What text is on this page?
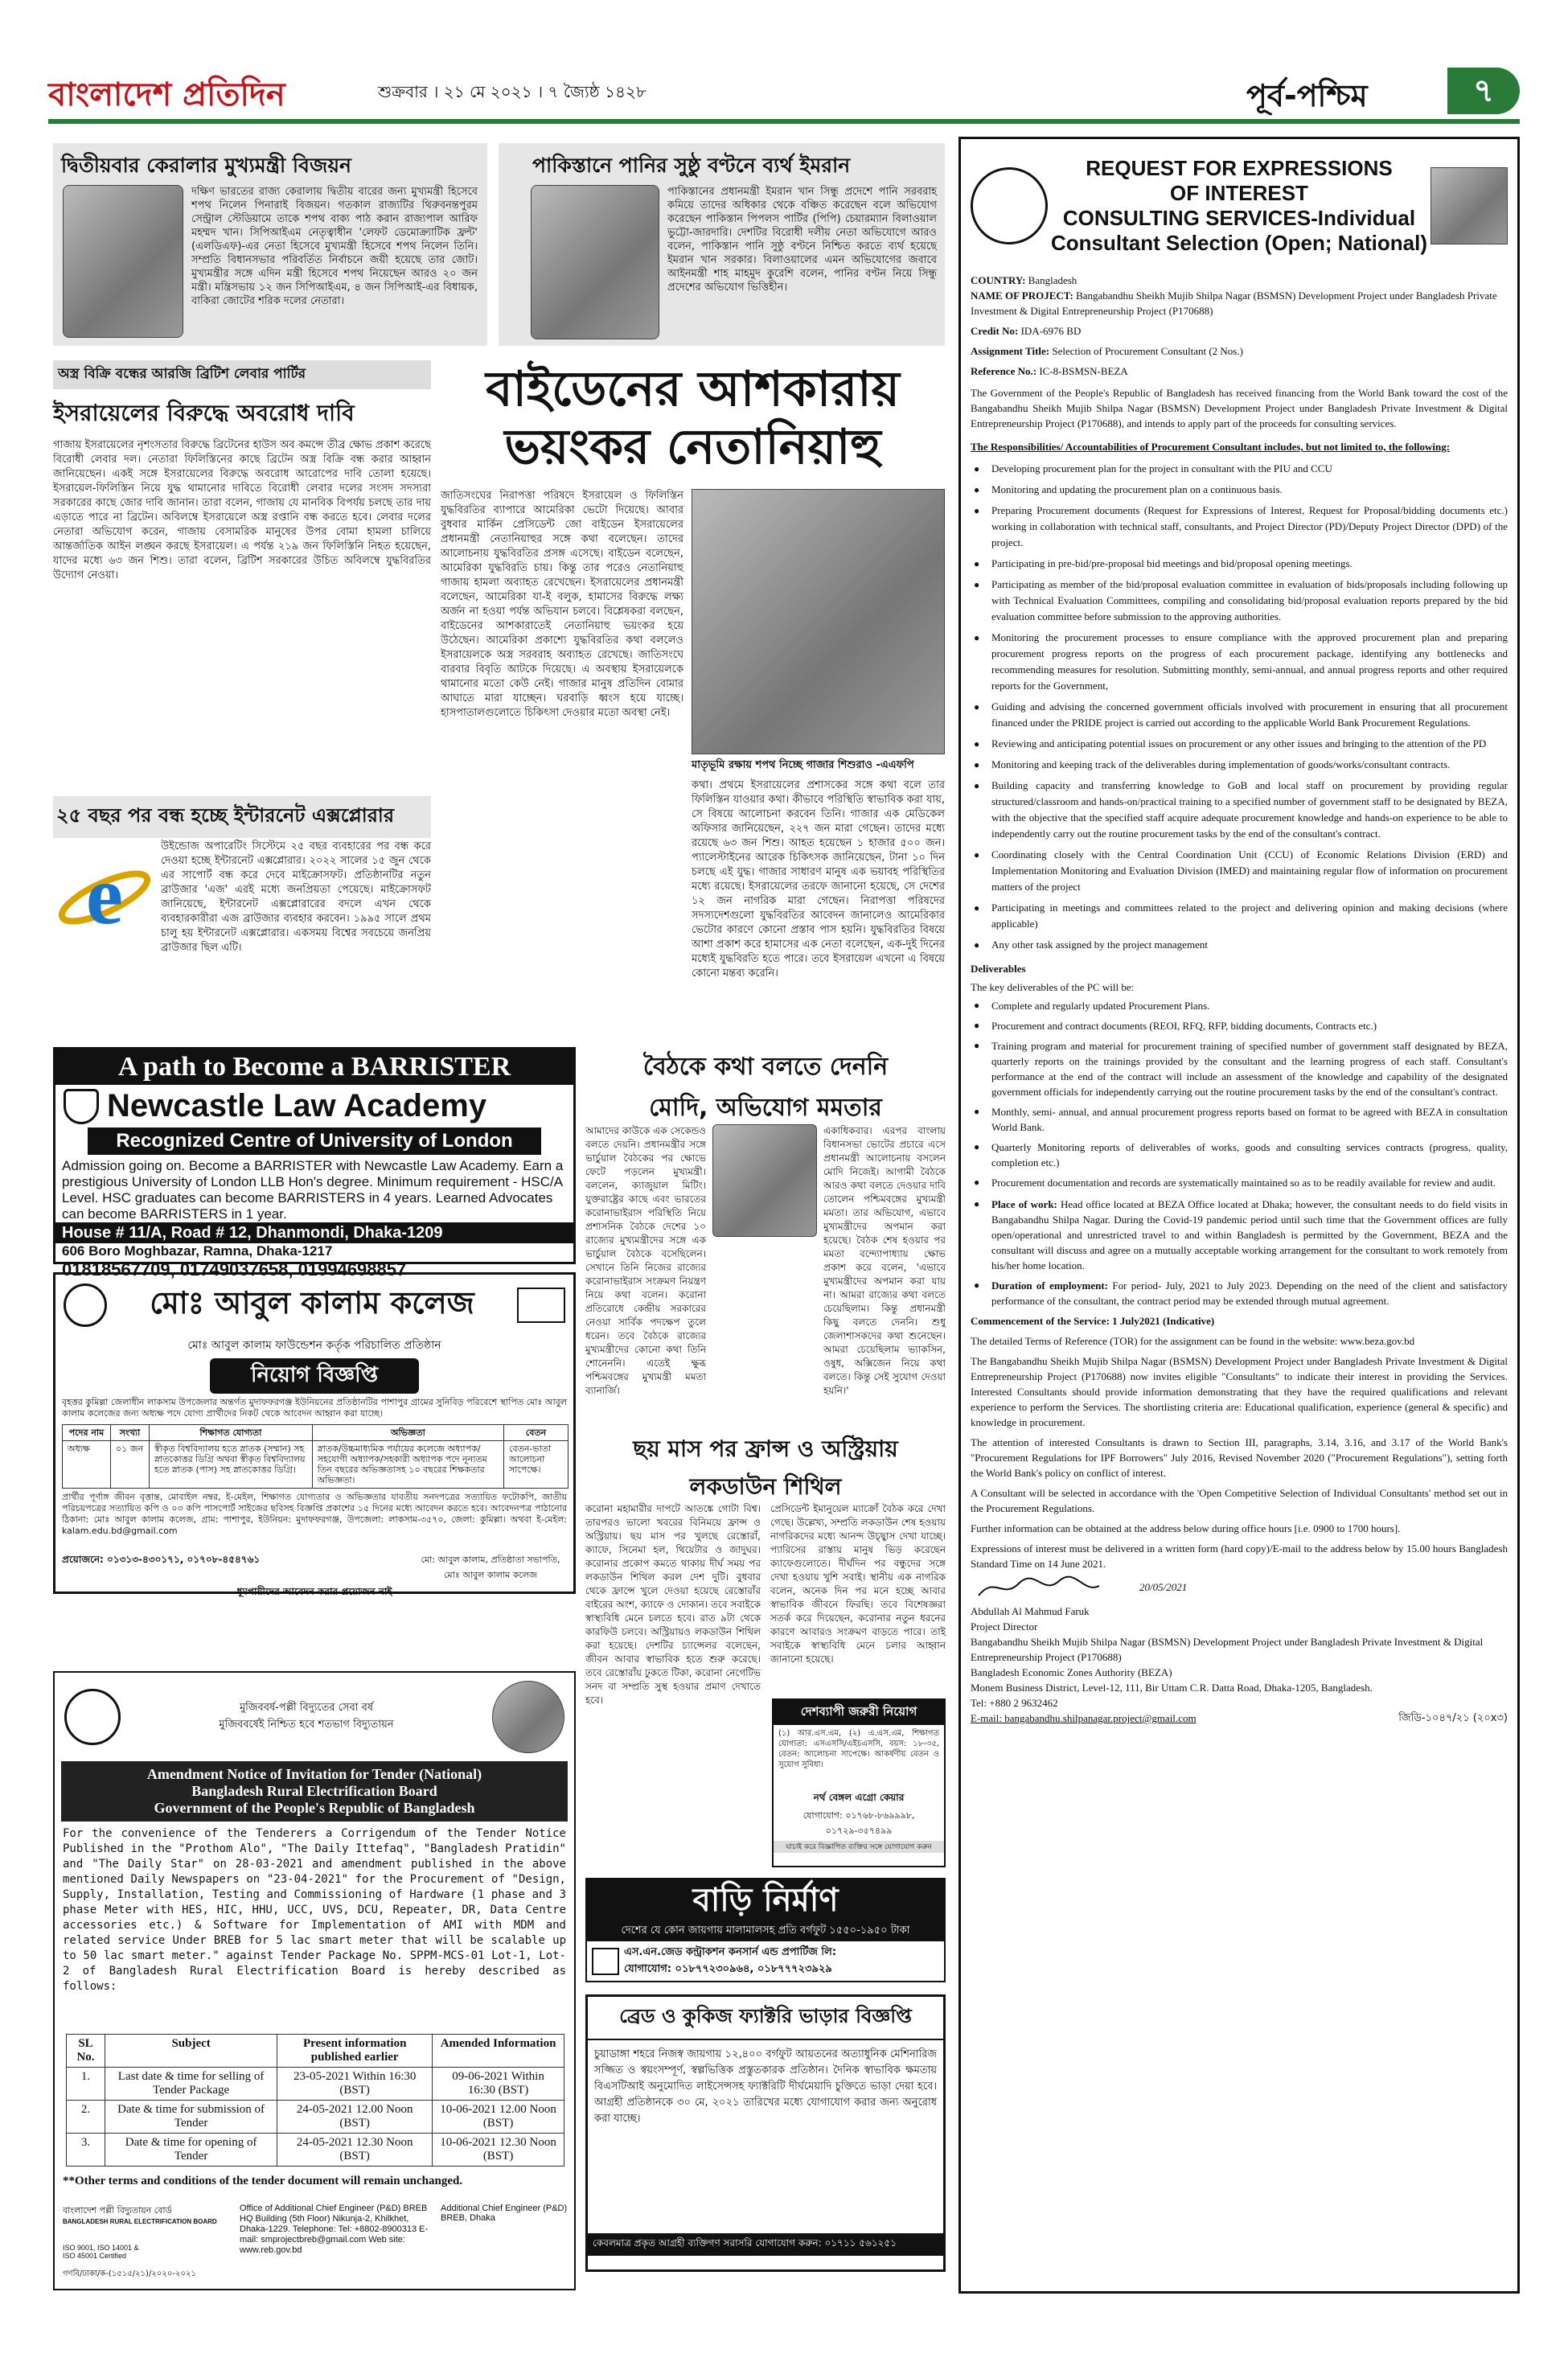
বাংলাদেশ প্রতিদিন	শুক্রবার । ২১ মে ২০২১ । ৭ জ্যৈষ্ঠ ১৪২৮	পূর্ব-পশ্চিম	৭
দ্বিতীয়বার কেরালার মুখ্যমন্ত্রী বিজয়ন
দক্ষিণ ভারতের রাজ্য কেরালায় দ্বিতীয় বারের জন্য মুখ্যমন্ত্রী হিসেবে শপথ নিলেন পিনারাই বিজয়ন। গতকাল রাজ্যটির থিরুবনন্তপুরম সেন্ট্রাল স্টেডিয়ামে তাকে শপথ বাক্য পাঠ করান রাজ্যপাল আরিফ মহম্মদ খান। সিপিআইএম নেতৃত্বাধীন 'লেফট ডেমোক্র্যাটিক ফ্রন্ট' (এলডিএফ)-এর নেতা হিসেবে মুখ্যমন্ত্রী হিসেবে শপথ নিলেন তিনি। সম্প্রতি বিধানসভার পরিবর্তিত নির্বাচনে জয়ী হয়েছে তার জোট। মুখ্যমন্ত্রীর সঙ্গে এদিন মন্ত্রী হিসেবে শপথ নিয়েছেন আরও ২০ জন মন্ত্রী। মন্ত্রিসভায় ১২ জন সিপিআইএম, ৪ জন সিপিআই-এর বিধায়ক, বাকিরা জোটের শরিক দলের নেতারা।
পাকিস্তানে পানির সুষ্ঠু বণ্টনে ব্যর্থ ইমরান
পাকিস্তানের প্রধানমন্ত্রী ইমরান খান সিন্ধু প্রদেশে পানি সরবরাহ কমিয়ে তাদের অধিকার থেকে বঞ্চিত করেছেন বলে অভিযোগ করেছেন পাকিস্তান পিপলস পার্টির (পিপি) চেয়ারম্যান বিলাওয়াল ভুট্টো-জারদারি। দেশটির বিরোধী দলীয় নেতা অভিযোগে আরও বলেন, পাকিস্তান পানি সুষ্ঠু বণ্টনে নিশ্চিত করতে ব্যর্থ হয়েছে ইমরান খান সরকার। বিলাওয়ালের এমন অভিযোগের জবাবে আইনমন্ত্রী শাহ মাহমুদ কুরেশি বলেন, পানির বণ্টন নিয়ে সিন্ধু প্রদেশের অভিযোগ ভিত্তিহীন।
অস্ত্র বিক্রি বন্ধের আরজি ব্রিটিশ লেবার পার্টির
ইসরায়েলের বিরুদ্ধে অবরোধ দাবি
গাজায় ইসরায়েলের নৃশংসতার বিরুদ্ধে ব্রিটেনের হাউস অব কমন্সে তীব্র ক্ষোভ প্রকাশ করেছে বিরোধী লেবার দল। নেতারা ফিলিস্তিনের কাছে ব্রিটেন অস্ত্র বিক্রি বন্ধ করার আহ্বান জানিয়েছেন। একই সঙ্গে ইসরায়েলের বিরুদ্ধে অবরোধ আরোপের দাবি তোলা হয়েছে। ইসরায়েল-ফিলিস্তিন নিয়ে যুদ্ধ থামানোর দাবিতে বিরোধী লেবার দলের সংসদ সদস্যরা সরকারের কাছে জোর দাবি জানান। তারা বলেন, গাজায় যে মানবিক বিপর্যয় চলছে তার দায় এড়াতে পারে না ব্রিটেন। অবিলম্বে ইসরায়েলে অস্ত্র রপ্তানি বন্ধ করতে হবে। লেবার দলের নেতারা অভিযোগ করেন, গাজায় বেসামরিক মানুষের উপর বোমা হামলা চালিয়ে আন্তর্জাতিক আইন লঙ্ঘন করছে ইসরায়েল। এ পর্যন্ত ২১৯ জন ফিলিস্তিনি নিহত হয়েছেন, যাদের মধ্যে ৬৩ জন শিশু। তারা বলেন, ব্রিটিশ সরকারের উচিত অবিলম্বে যুদ্ধবিরতির উদ্যোগ নেওয়া।
২৫ বছর পর বন্ধ হচ্ছে ইন্টারনেট এক্সপ্লোরার
e
উইন্ডোজ অপারেটিং সিস্টেমে ২৫ বছর ব্যবহারের পর বন্ধ করে দেওয়া হচ্ছে ইন্টারনেট এক্সপ্লোরার। ২০২২ সালের ১৫ জুন থেকে এর সাপোর্ট বন্ধ করে দেবে মাইক্রোসফট। প্রতিষ্ঠানটির নতুন ব্রাউজার 'এজ' এরই মধ্যে জনপ্রিয়তা পেয়েছে। মাইক্রোসফট জানিয়েছে, ইন্টারনেট এক্সপ্লোরারের বদলে এখন থেকে ব্যবহারকারীরা এজ ব্রাউজার ব্যবহার করবেন। ১৯৯৫ সালে প্রথম চালু হয় ইন্টারনেট এক্সপ্লোরার। একসময় বিশ্বের সবচেয়ে জনপ্রিয় ব্রাউজার ছিল এটি।
বাইডেনের আশকারায়
ভয়ংকর নেতানিয়াহু
জাতিসংঘের নিরাপত্তা পরিষদে ইসরায়েল ও ফিলিস্তিন যুদ্ধবিরতির ব্যাপারে আমেরিকা ভেটো দিয়েছে। আবার বুধবার মার্কিন প্রেসিডেন্ট জো বাইডেন ইসরায়েলের প্রধানমন্ত্রী নেতানিয়াহুর সঙ্গে কথা বলেছেন। তাদের আলোচনায় যুদ্ধবিরতির প্রসঙ্গ এসেছে। বাইডেন বলেছেন, আমেরিকা যুদ্ধবিরতি চায়। কিন্তু তার পরেও নেতানিয়াহু গাজায় হামলা অব্যাহত রেখেছেন। ইসরায়েলের প্রধানমন্ত্রী বলেছেন, আমেরিকা যা-ই বলুক, হামাসের বিরুদ্ধে লক্ষ্য অর্জন না হওয়া পর্যন্ত অভিযান চলবে। বিশ্লেষকরা বলছেন, বাইডেনের আশকারাতেই নেতানিয়াহু ভয়ংকর হয়ে উঠেছেন। আমেরিকা প্রকাশ্যে যুদ্ধবিরতির কথা বললেও ইসরায়েলকে অস্ত্র সরবরাহ অব্যাহত রেখেছে। জাতিসংঘে বারবার বিবৃতি আটকে দিয়েছে। এ অবস্থায় ইসরায়েলকে থামানোর মতো কেউ নেই। গাজার মানুষ প্রতিদিন বোমার আঘাতে মারা যাচ্ছেন। ঘরবাড়ি ধ্বংস হয়ে যাচ্ছে। হাসপাতালগুলোতে চিকিৎসা দেওয়ার মতো অবস্থা নেই।
মাতৃভূমি রক্ষায় শপথ নিচ্ছে গাজার শিশুরাও -এএফপি
কথা। প্রথমে ইসরায়েলের প্রশাসকের সঙ্গে কথা বলে তার ফিলিস্তিন যাওয়ার কথা। কীভাবে পরিস্থিতি স্বাভাবিক করা যায়, সে বিষয়ে আলোচনা করবেন তিনি। গাজার এক মেডিকেল অফিসার জানিয়েছেন, ২২৭ জন মারা গেছেন। তাদের মধ্যে রয়েছে ৬৩ জন শিশু। আহত হয়েছেন ১ হাজার ৫০০ জন। প্যালেস্টাইনের আরেক চিকিৎসক জানিয়েছেন, টানা ১০ দিন চলছে এই যুদ্ধ। গাজার সাধারণ মানুষ এক ভয়াবহ পরিস্থিতির মধ্যে রয়েছে। ইসরায়েলের তরফে জানানো হয়েছে, সে দেশের ১২ জন নাগরিক মারা গেছেন। নিরাপত্তা পরিষদের সদস্যদেশগুলো যুদ্ধবিরতির আবেদন জানালেও আমেরিকার ভেটোর কারণে কোনো প্রস্তাব পাস হয়নি। যুদ্ধবিরতির বিষয়ে আশা প্রকাশ করে হামাসের এক নেতা বলেছেন, এক-দুই দিনের মধ্যেই যুদ্ধবিরতি হতে পারে। তবে ইসরায়েল এখনো এ বিষয়ে কোনো মন্তব্য করেনি।
A path to Become a BARRISTER
Newcastle Law Academy
Recognized Centre of University of London
Admission going on. Become a BARRISTER with Newcastle Law Academy. Earn a prestigious University of London LLB Hon's degree. Minimum requirement - HSC/A Level. HSC graduates can become BARRISTERS in 4 years. Learned Advocates can become BARRISTERS in 1 year.
House # 11/A, Road # 12, Dhanmondi, Dhaka-1209
606 Boro Moghbazar, Ramna, Dhaka-1217
01818567709, 01749037658, 01994698857
মোঃ আবুল কালাম কলেজ
মোঃ আবুল কালাম ফাউন্ডেশন কর্তৃক পরিচালিত প্রতিষ্ঠান
নিয়োগ বিজ্ঞপ্তি
বৃহত্তর কুমিল্লা জেলাধীন লাকসাম উপজেলার অন্তর্গত মুদাফফরগঞ্জ ইউনিয়নের প্রতিষ্ঠানটির পাশাপুর গ্রামের সুনিবিড় পরিবেশে স্থাপিত মোঃ আবুল কালাম কলেজের জন্য অধ্যক্ষ পদে যোগ্য প্রার্থীদের নিকট থেকে আবেদন আহ্বান করা যাচ্ছে।
পদের নাম	সংখ্যা	শিক্ষাগত যোগ্যতা	অভিজ্ঞতা	বেতন
অধ্যক্ষ	০১ জন	স্বীকৃত বিশ্ববিদ্যালয় হতে স্নাতক (সম্মান) সহ স্নাতকোত্তর ডিগ্রি অথবা স্বীকৃত বিশ্ববিদ্যালয় হতে স্নাতক (পাস) সহ স্নাতকোত্তর ডিগ্রি।	স্নাতক/উচ্চমাধ্যমিক পর্যায়ের কলেজে অধ্যাপক/সহযোগী অধ্যাপক/সহকারী অধ্যাপক পদে নূন্যতম তিন বছরের অভিজ্ঞতাসহ ১০ বছরের শিক্ষকতার অভিজ্ঞতা।	বেতন-ভাতা আলোচনা সাপেক্ষে।
প্রার্থীর পূর্ণাঙ্গ জীবন বৃত্তান্ত, মোবাইল নম্বর, ই-মেইল, শিক্ষাগত যোগ্যতার ও অভিজ্ঞতার যাবতীয় সনদপত্রের সত্যায়িত ফটোকপি, জাতীয় পরিচয়পত্রের সত্যায়িত কপি ও ০৩ কপি পাসপোর্ট সাইজের ছবিসহ বিজ্ঞপ্তি প্রকাশের ১৫ দিনের মধ্যে আবেদন করতে হবে। আবেদনপত্র পাঠানোর ঠিকানা: মোঃ আবুল কালাম কলেজ, গ্রাম: পাশাপুর, ইউনিয়ন: মুদাফফরগঞ্জ, উপজেলা: লাকসাম-৩৫৭০, জেলা: কুমিল্লা। অথবা ই-মেইল: kalam.edu.bd@gmail.com
প্রয়োজনে: ০১৩১৩-৪৩০১৭১, ০১৭০৮-৪৫৪৭৬১	মো: আবুল কালাম, প্রতিষ্ঠাতা সভাপতি, মোঃ আবুল কালাম কলেজ
ধূমপায়ীদের আবেদন করার প্রয়োজন নাই
মুজিববর্ষ-পল্লী বিদ্যুতের সেবা বর্ষ
মুজিববর্ষেই নিশ্চিত হবে শতভাগ বিদ্যুতায়ন
Amendment Notice of Invitation for Tender (National)
Bangladesh Rural Electrification Board
Government of the People's Republic of Bangladesh
For the convenience of the Tenderers a Corrigendum of the Tender Notice Published in the "Prothom Alo", "The Daily Ittefaq", "Bangladesh Pratidin" and "The Daily Star" on 28-03-2021 and amendment published in the above mentioned Daily Newspapers on "23-04-2021" for the Procurement of "Design, Supply, Installation, Testing and Commissioning of Hardware (1 phase and 3 phase Meter with HES, HIC, HHU, UCC, UVS, DCU, Repeater, DR, Data Centre accessories etc.) & Software for Implementation of AMI with MDM and related service Under BREB for 5 lac smart meter that will be scalable up to 50 lac smart meter." against Tender Package No. SPPM-MCS-01 Lot-1, Lot-2 of Bangladesh Rural Electrification Board is hereby described as follows:
SL No.	Subject	Present information published earlier	Amended Information
1.	Last date & time for selling of Tender Package	23-05-2021 Within 16:30 (BST)	09-06-2021 Within 16:30 (BST)
2.	Date & time for submission of Tender	24-05-2021 12.00 Noon (BST)	10-06-2021 12.00 Noon (BST)
3.	Date & time for opening of Tender	24-05-2021 12.30 Noon (BST)	10-06-2021 12.30 Noon (BST)
**Other terms and conditions of the tender document will remain unchanged.
বাংলাদেশ পল্লী বিদ্যুতায়ন বোর্ড
BANGLADESH RURAL ELECTRIFICATION BOARD
ISO 9001, ISO 14001 & ISO 45001 Certified
Office of Additional Chief Engineer (P&D) BREB HQ Building (5th Floor) Nikunja-2, Khilkhet, Dhaka-1229. Telephone: Tel: +8802-8900313 E-mail: smprojectbreb@gmail.com Web site: www.reb.gov.bd
Additional Chief Engineer (P&D) BREB, Dhaka
গণবি/ঢাকা/ক-(১৫১৫/২১)/২০২০-২০২১
বৈঠকে কথা বলতে দেননি
মোদি, অভিযোগ মমতার
আমাদের কাউকে এক সেকেন্ডও বলতে দেয়নি। প্রধানমন্ত্রীর সঙ্গে ভার্চুয়াল বৈঠকের পর ক্ষোভে ফেটে পড়লেন মুখ্যমন্ত্রী। বললেন, ক্যাজুয়াল মিটিং। যুক্তরাষ্ট্রের কাছে এবং ভারতের করোনাভাইরাস পরিস্থিতি নিয়ে প্রশাসনিক বৈঠকে দেশের ১০ রাজ্যের মুখ্যমন্ত্রীদের সঙ্গে এক ভার্চুয়াল বৈঠকে বসেছিলেন। সেখানে তিনি নিজের রাজ্যের করোনাভাইরাস সংক্রমণ নিয়ন্ত্রণ নিয়ে কথা বলেন। করোনা প্রতিরোধে কেন্দ্রীয় সরকারের নেওয়া সার্বিক পদক্ষেপ তুলে ধরেন। তবে বৈঠকে রাজ্যের মুখ্যমন্ত্রীদের কোনো কথা তিনি শোনেননি। এতেই ক্ষুব্ধ পশ্চিমবঙ্গের মুখ্যমন্ত্রী মমতা ব্যানার্জি।
একাধিকবার। এরপর বাংলায় বিধানসভা ভোটের প্রচারে এসে প্রধানমন্ত্রী আলোচনায় বসলেন মোদি নিজেই। আগামী বৈঠকে আরও কথা বলতে দেওয়ার দাবি তোলেন পশ্চিমবঙ্গের মুখ্যমন্ত্রী মমতা। তার অভিযোগ, এভাবে মুখ্যমন্ত্রীদের অপমান করা হয়েছে। বৈঠক শেষ হওয়ার পর মমতা বন্দ্যোপাধ্যায় ক্ষোভ প্রকাশ করে বলেন, 'এভাবে মুখ্যমন্ত্রীদের অপমান করা যায় না। আমরা রাজ্যের কথা বলতে চেয়েছিলাম। কিন্তু প্রধানমন্ত্রী কিছু বলতে দেননি। শুধু জেলাশাসকদের কথা শুনেছেন। আমরা চেয়েছিলাম ভ্যাকসিন, ওষুধ, অক্সিজেন নিয়ে কথা বলতে। কিন্তু সেই সুযোগ দেওয়া হয়নি।'
ছয় মাস পর ফ্রান্স ও অস্ট্রিয়ায়
লকডাউন শিথিল
করোনা মহামারীর দাপটে আতঙ্কে গোটা বিশ্ব। তারপরও ভালো খবরের বিনিময়ে ফ্রান্স ও অস্ট্রিয়ায়। ছয় মাস পর খুলছে রেস্তোরাঁ, ক্যাফে, সিনেমা হল, থিয়েটার ও জাদুঘর। করোনার প্রকোপ কমতে থাকায় দীর্ঘ সময় পর লকডাউন শিথিল করল দেশ দুটি। বুধবার থেকে ফ্রান্সে খুলে দেওয়া হয়েছে রেস্তোরাঁর বাইরের অংশ, ক্যাফে ও দোকান। তবে সবাইকে স্বাস্থ্যবিধি মেনে চলতে হবে। রাত ৯টা থেকে কারফিউ চলবে। অস্ট্রিয়ায়ও লকডাউন শিথিল করা হয়েছে। দেশটির চ্যান্সেলর বলেছেন, জীবন আবার স্বাভাবিক হতে শুরু করেছে। তবে রেস্তোরাঁয় ঢুকতে টিকা, করোনা নেগেটিভ সনদ বা সম্প্রতি সুস্থ হওয়ার প্রমাণ দেখাতে হবে।
প্রেসিডেন্ট ইমানুয়েল ম্যাক্রোঁ বৈঠক করে দেখা গেছে। উল্লেখ্য, সম্প্রতি লকডাউন শেষ হওয়ায় নাগরিকদের মধ্যে আনন্দ উচ্ছ্বাস দেখা যাচ্ছে। প্যারিসের রাস্তায় মানুষ ভিড় করেছেন ক্যাফেগুলোতে। দীর্ঘদিন পর বন্ধুদের সঙ্গে দেখা হওয়ায় খুশি সবাই। স্থানীয় এক নাগরিক বলেন, অনেক দিন পর মনে হচ্ছে আবার স্বাভাবিক জীবনে ফিরছি। তবে বিশেষজ্ঞরা সতর্ক করে দিয়েছেন, করোনার নতুন ধরনের কারণে আবারও সংক্রমণ বাড়তে পারে। তাই সবাইকে স্বাস্থ্যবিধি মেনে চলার আহ্বান জানানো হয়েছে।
দেশব্যাপী জরুরী নিয়োগ
(১) আর.এস.এম, (২) এ.এস.এম, শিক্ষাগত যোগ্যতা: এসএসসি/এইচএসসি, বয়স: ১৮-৩৫, বেতন: আলোচনা সাপেক্ষে। আকর্ষণীয় বেতন ও সুযোগ সুবিধা।
নর্থ বেঙ্গল এগ্রো কেয়ার
যোগাযোগ: ০১৭৬৮-৮৬৯৯৯৮, ০১৭২৯-৩৫৭৪৯৯
যাচাই করে বিজ্ঞাপিত ব্যক্তির সঙ্গে যোগাযোগ করুন
বাড়ি নির্মাণ
দেশের যে কোন জায়গায় মালামালসহ প্রতি বর্গফুট ১৫৫০-১৯৫০ টাকা
এস.এন.জেড কন্ট্রাকশন কনসার্ন এন্ড প্রপার্টিজ লি:
যোগাযোগ: ০১৮৭৭২৩০৯৬৪, ০১৮৭৭৭২৩৯২৯
ব্রেড ও কুকিজ ফ্যাক্টরি ভাড়ার বিজ্ঞপ্তি
চুয়াডাঙ্গা শহরে নিজস্ব জায়গায় ১২,৪০০ বর্গফুট আয়তনের অত্যাধুনিক মেশিনারিজ সজ্জিত ও স্বয়ংসম্পূর্ণ, স্বল্পভিত্তিক প্রস্তুতকারক প্রতিষ্ঠান। দৈনিক স্বাভাবিক ক্ষমতায় বিএসটিআই অনুমোদিত লাইসেন্সসহ ফ্যাক্টরিটি দীর্ঘমেয়াদি চুক্তিতে ভাড়া দেয়া হবে। আগ্রহী প্রতিষ্ঠানকে ৩০ মে, ২০২১ তারিখের মধ্যে যোগাযোগ করার জন্য অনুরোধ করা যাচ্ছে।
কেবলমাত্র প্রকৃত আগ্রহী ব্যক্তিগণ সরাসরি যোগাযোগ করুন: ০১৭১১ ৫৬১২৫১
REQUEST FOR EXPRESSIONS
OF INTEREST
CONSULTING SERVICES-Individual
Consultant Selection (Open; National)
COUNTRY: Bangladesh
NAME OF PROJECT: Bangabandhu Sheikh Mujib Shilpa Nagar (BSMSN) Development Project under Bangladesh Private Investment & Digital Entrepreneurship Project (P170688)
Credit No: IDA-6976 BD
Assignment Title: Selection of Procurement Consultant (2 Nos.)
Reference No.: IC-8-BSMSN-BEZA

The Government of the People's Republic of Bangladesh has received financing from the World Bank toward the cost of the Bangabandhu Sheikh Mujib Shilpa Nagar (BSMSN) Development Project under Bangladesh Private Investment & Digital Entrepreneurship Project (P170688), and intends to apply part of the proceeds for consulting services.

The Responsibilities/ Accountabilities of Procurement Consultant includes, but not limited to, the following:

● Developing procurement plan for the project in consultant with the PIU and CCU
● Monitoring and updating the procurement plan on a continuous basis.
● Preparing Procurement documents (Request for Expressions of Interest, Request for Proposal/bidding documents etc.) working in collaboration with technical staff, consultants, and Project Director (PD)/Deputy Project Director (DPD) of the project.
● Participating in pre-bid/pre-proposal bid meetings and bid/proposal opening meetings.
● Participating as member of the bid/proposal evaluation committee in evaluation of bids/proposals including following up with Technical Evaluation Committees, compiling and consolidating bid/proposal evaluation reports prepared by the bid evaluation committee before submission to the approving authorities.
● Monitoring the procurement processes to ensure compliance with the approved procurement plan and preparing procurement progress reports on the progress of each procurement package, identifying any bottlenecks and recommending measures for resolution. Submitting monthly, semi-annual, and annual progress reports and other required reports for the Government,
● Guiding and advising the concerned government officials involved with procurement in ensuring that all procurement financed under the PRIDE project is carried out according to the applicable World Bank Procurement Regulations.
● Reviewing and anticipating potential issues on procurement or any other issues and bringing to the attention of the PD
● Monitoring and keeping track of the deliverables during implementation of goods/works/consultant contracts.
● Building capacity and transferring knowledge to GoB and local staff on procurement by providing regular structured/classroom and hands-on/practical training to a specified number of government staff to be designated by BEZA, with the objective that the specified staff acquire adequate procurement knowledge and hands-on experience to be able to independently carry out the routine procurement tasks by the end of the consultant's contract.
● Coordinating closely with the Central Coordination Unit (CCU) of Economic Relations Division (ERD) and Implementation Monitoring and Evaluation Division (IMED) and maintaining regular flow of information on procurement matters of the project
● Participating in meetings and committees related to the project and delivering opinion and making decisions (where applicable)
● Any other task assigned by the project management

Deliverables

The key deliverables of the PC will be:

● Complete and regularly updated Procurement Plans.
● Procurement and contract documents (REOI, RFQ, RFP, bidding documents, Contracts etc.)
● Training program and material for procurement training of specified number of government staff designated by BEZA, quarterly reports on the trainings provided by the consultant and the learning progress of each staff. Consultant's performance at the end of the contract will include an assessment of the knowledge and capability of the designated government officials for independently carrying out the routine procurement tasks by the end of the consultant's contract.
● Monthly, semi- annual, and annual procurement progress reports based on format to be agreed with BEZA in consultation World Bank.
● Quarterly Monitoring reports of deliverables of works, goods and consulting services contracts (progress, quality, completion etc.)
● Procurement documentation and records are systematically maintained so as to be readily available for review and audit.
● Place of work: Head office located at BEZA Office located at Dhaka; however, the consultant needs to do field visits in Bangabandhu Shilpa Nagar. During the Covid-19 pandemic period until such time that the Government offices are fully open/operational and unrestricted travel to and within Bangladesh is permitted by the Government, BEZA and the consultant will discuss and agree on a mutually acceptable working arrangement for the consultant to work remotely from his/her home location.
● Duration of employment: For period- July, 2021 to July 2023. Depending on the need of the client and satisfactory performance of the consultant, the contract period may be extended through mutual agreement.

Commencement of the Service: 1 July2021 (Indicative)

The detailed Terms of Reference (TOR) for the assignment can be found in the website: www.beza.gov.bd

The Bangabandhu Sheikh Mujib Shilpa Nagar (BSMSN) Development Project under Bangladesh Private Investment & Digital Entrepreneurship Project (P170688) now invites eligible "Consultants" to indicate their interest in providing the Services. Interested Consultants should provide information demonstrating that they have the required qualifications and relevant experience to perform the Services. The shortlisting criteria are: Educational qualification, experience (general & specific) and knowledge in procurement.

The attention of interested Consultants is drawn to Section III, paragraphs, 3.14, 3.16, and 3.17 of the World Bank's "Procurement Regulations for IPF Borrowers" July 2016, Revised November 2020 ("Procurement Regulations"), setting forth the World Bank's policy on conflict of interest.

A Consultant will be selected in accordance with the 'Open Competitive Selection of Individual Consultants' method set out in the Procurement Regulations.

Further information can be obtained at the address below during office hours [i.e. 0900 to 1700 hours].

Expressions of interest must be delivered in a written form (hard copy)/E-mail to the address below by 15.00 hours Bangladesh Standard Time on 14 June 2021.

20/05/2021
Abdullah Al Mahmud Faruk
Project Director
Bangabandhu Sheikh Mujib Shilpa Nagar (BSMSN) Development Project under Bangladesh Private Investment & Digital Entrepreneurship Project (P170688)
Bangladesh Economic Zones Authority (BEZA)
Monem Business District, Level-12, 111, Bir Uttam C.R. Datta Road, Dhaka-1205, Bangladesh.
Tel: +880 2 9632462
E-mail: bangabandhu.shilpanagar.project@gmail.com	জিডি-১০৪৭/২১ (২০x৩)
